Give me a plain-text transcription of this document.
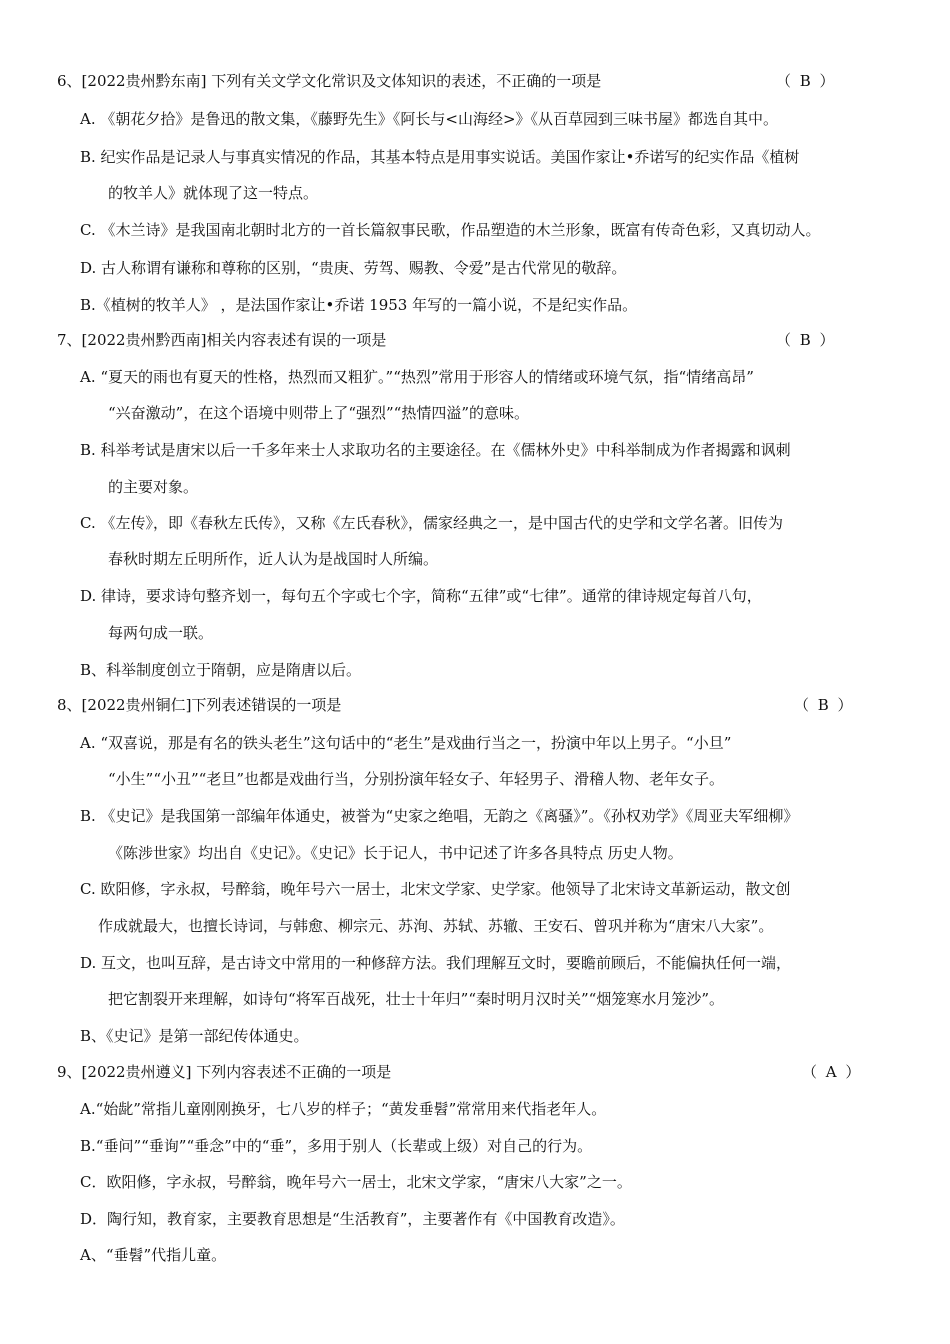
6、[2022贵州黔东南] 下列有关文学文化常识及文体知识的表述，不正确的一项是	（ B ）
A. 《朝花夕拾》是鲁迅的散文集，《藤野先生》《阿长与<山海经>》《从百草园到三味书屋》都选自其中。
B. 纪实作品是记录人与事真实情况的作品，其基本特点是用事实说话。美国作家让•乔诺写的纪实作品《植树
的牧羊人》就体现了这一特点。
C. 《木兰诗》是我国南北朝时北方的一首长篇叙事民歌，作品塑造的木兰形象，既富有传奇色彩，又真切动人。
D. 古人称谓有谦称和尊称的区别，“贵庚、劳驾、赐教、令爱”是古代常见的敬辞。
B.《植树的牧羊人》 ，是法国作家让•乔诺 1953 年写的一篇小说，不是纪实作品。
7、[2022贵州黔西南]相关内容表述有误的一项是	（ B ）
A. “夏天的雨也有夏天的性格，热烈而又粗犷。”“热烈”常用于形容人的情绪或环境气氛，指“情绪高昂”
“兴奋激动”，在这个语境中则带上了“强烈”“热情四溢”的意味。
B. 科举考试是唐宋以后一千多年来士人求取功名的主要途径。在《儒林外史》中科举制成为作者揭露和讽刺
的主要对象。
C. 《左传》，即《春秋左氏传》，又称《左氏春秋》，儒家经典之一，是中国古代的史学和文学名著。旧传为
春秋时期左丘明所作，近人认为是战国时人所编。
D. 律诗，要求诗句整齐划一，每句五个字或七个字，简称“五律”或“七律”。通常的律诗规定每首八句，
每两句成一联。
B、科举制度创立于隋朝，应是隋唐以后。
8、[2022贵州铜仁]下列表述错误的一项是	（ B ）
A. “双喜说，那是有名的铁头老生”这句话中的“老生”是戏曲行当之一，扮演中年以上男子。“小旦”
“小生”“小丑”“老旦”也都是戏曲行当，分别扮演年轻女子、年轻男子、滑稽人物、老年女子。
B. 《史记》是我国第一部编年体通史，被誉为“史家之绝唱，无韵之《离骚》”。《孙权劝学》《周亚夫军细柳》
《陈涉世家》均出自《史记》。《史记》长于记人，书中记述了许多各具特点 历史人物。
C. 欧阳修，字永叔，号醉翁，晚年号六一居士，北宋文学家、史学家。他领导了北宋诗文革新运动，散文创
作成就最大，也擅长诗词，与韩愈、柳宗元、苏洵、苏轼、苏辙、王安石、曾巩并称为“唐宋八大家”。
D. 互文，也叫互辞，是古诗文中常用的一种修辞方法。我们理解互文时，要瞻前顾后，不能偏执任何一端，
把它割裂开来理解，如诗句“将军百战死，壮士十年归”“秦时明月汉时关”“烟笼寒水月笼沙”。
B、《史记》是第一部纪传体通史。
9、[2022贵州遵义] 下列内容表述不正确的一项是	（ A ）
A.“始龀”常指儿童刚刚换牙，七八岁的样子；“黄发垂髫”常常用来代指老年人。
B.“垂问”“垂询”“垂念”中的“垂”，多用于别人（长辈或上级）对自己的行为。
C．欧阳修，字永叔，号醉翁，晚年号六一居士，北宋文学家，“唐宋八大家”之一。
D．陶行知，教育家，主要教育思想是“生活教育”，主要著作有《中国教育改造》。
A、“垂髫”代指儿童。
